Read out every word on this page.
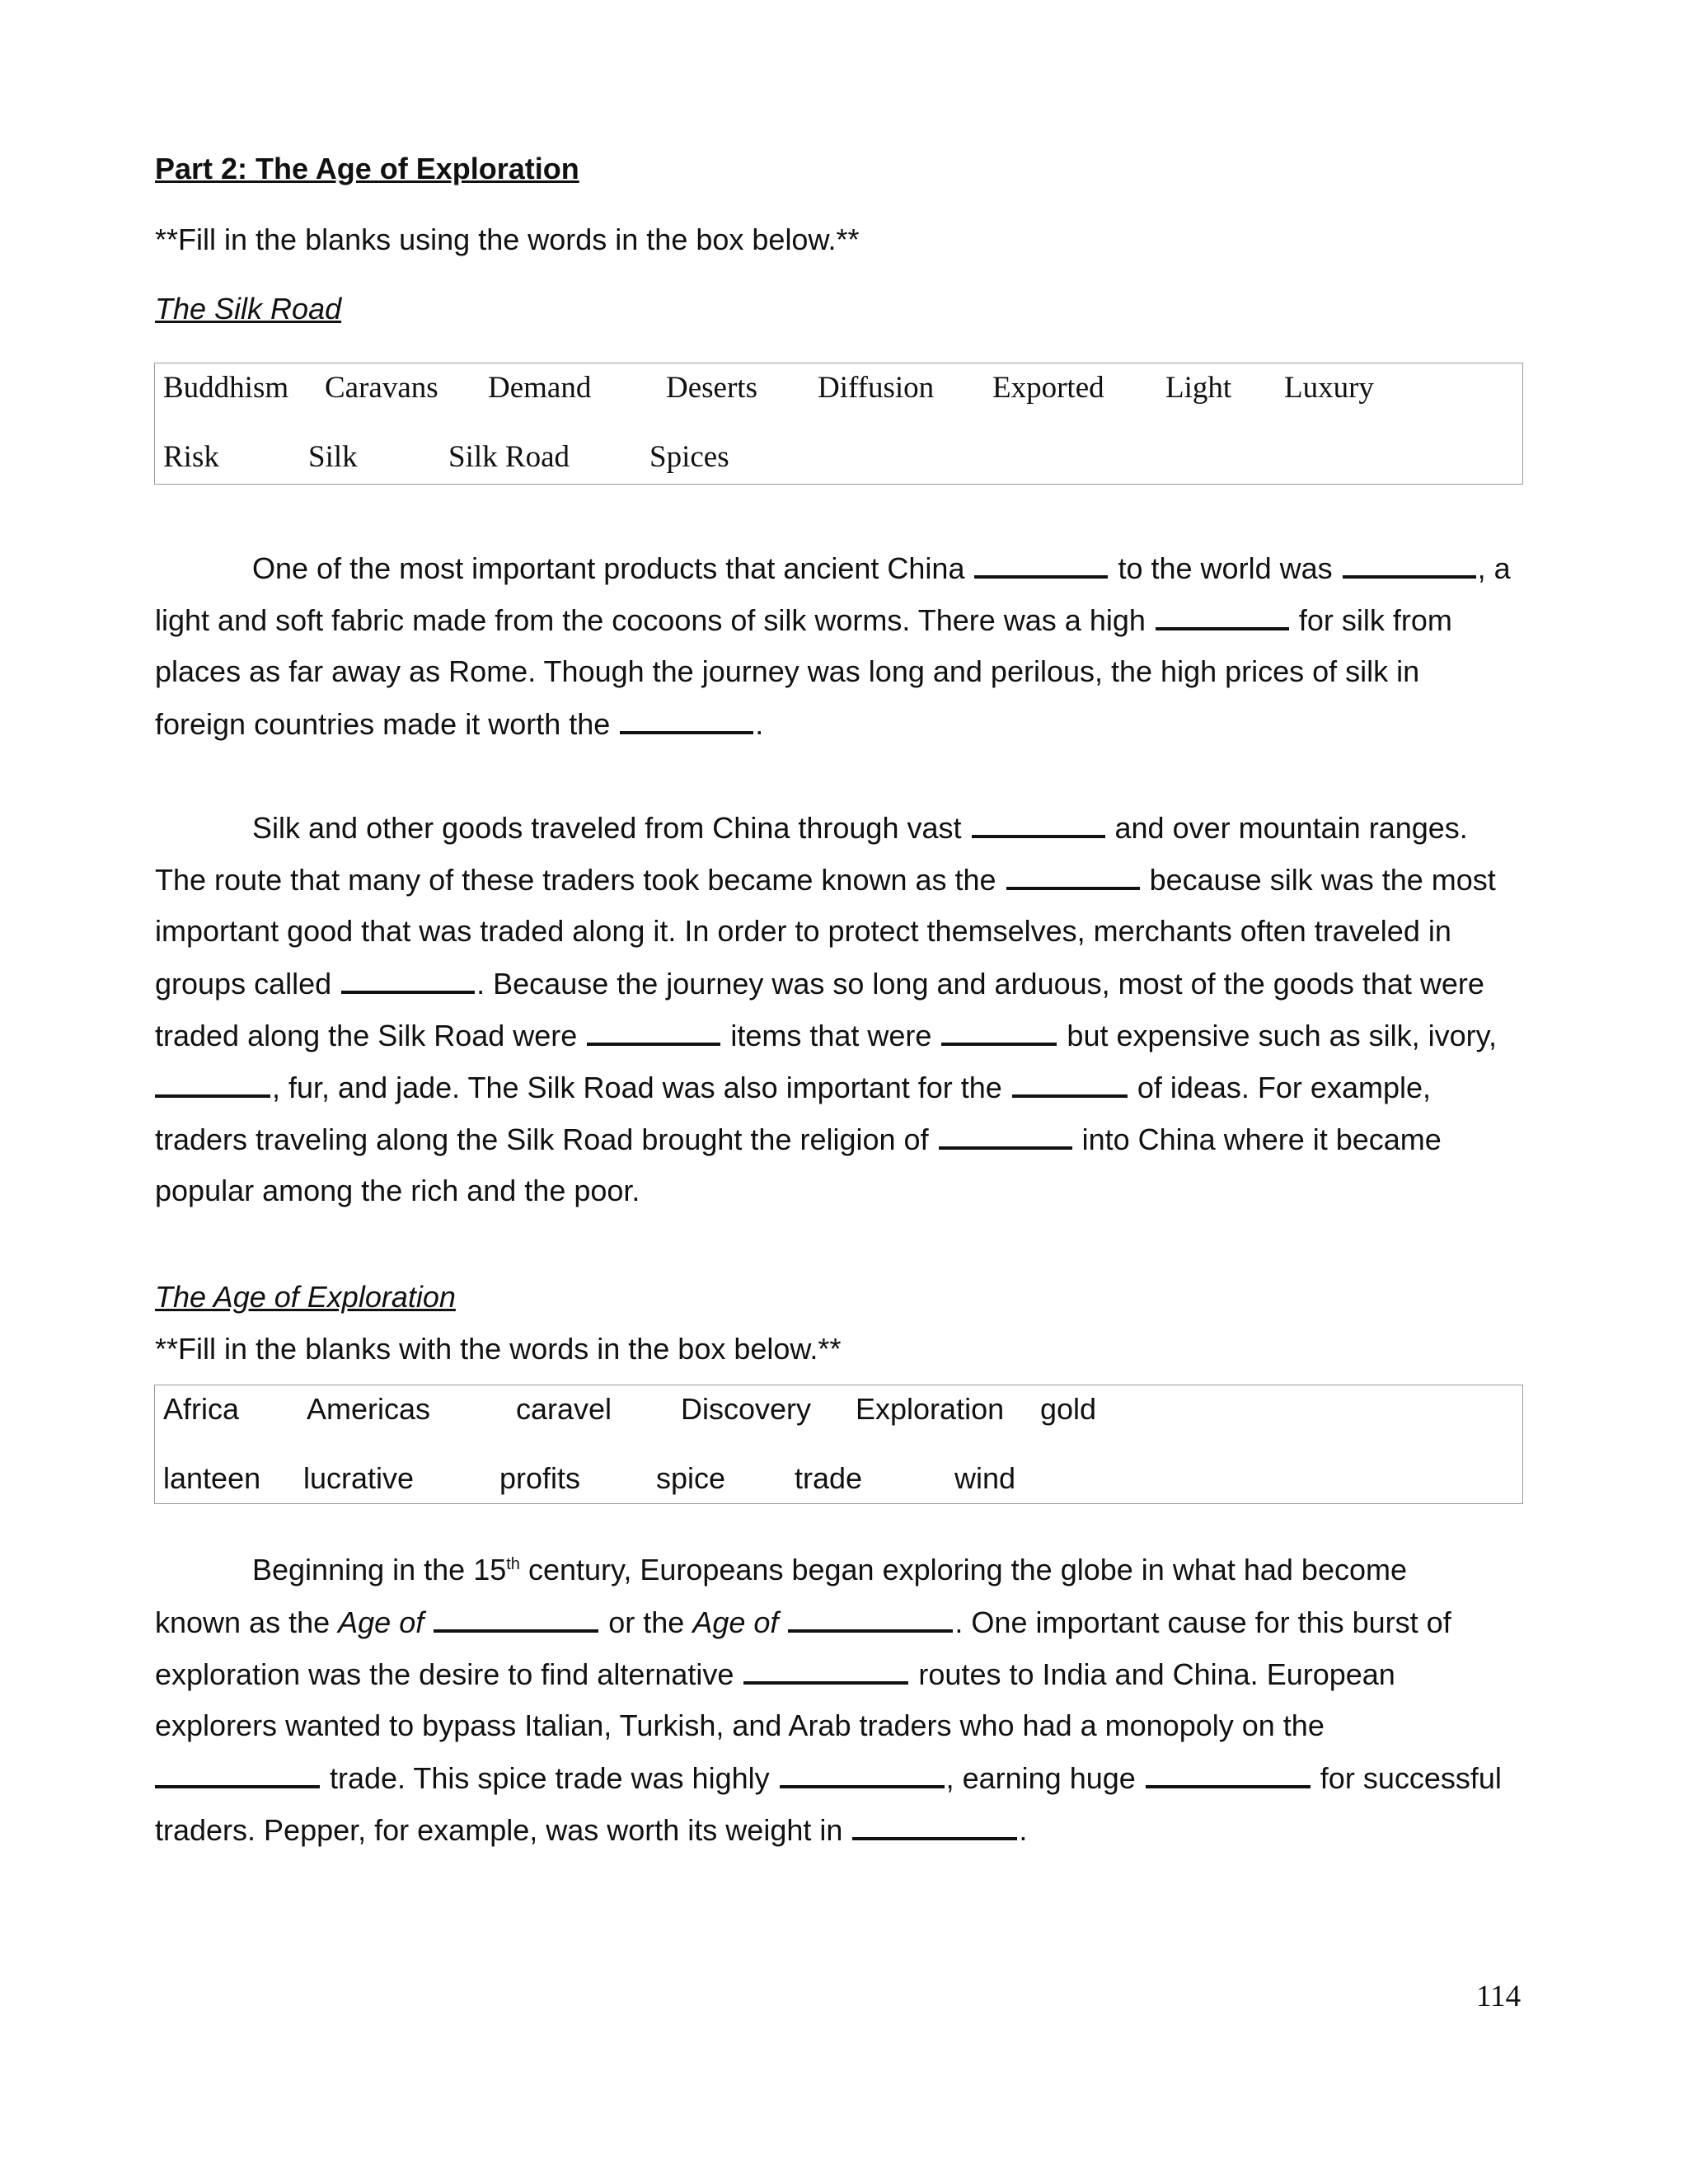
Part 2: The Age of Exploration
**Fill in the blanks using the words in the box below.**
The Silk Road
Buddhism Caravans Demand Deserts Diffusion Exported Light Luxury
Risk	Silk	Silk Road	Spices
One of the most important products that ancient China	to the world was	, a
light and soft fabric made from the cocoons of silk worms. There was a high	for silk from
places as far away as Rome. Though the journey was long and perilous, the high prices of silk in
foreign countries made it worth the	.
Silk and other goods traveled from China through vast	and over mountain ranges.
The route that many of these traders took became known as the	because silk was the most
important good that was traded along it. In order to protect themselves, merchants often traveled in
groups called	. Because the journey was so long and arduous, most of the goods that were
traded along the Silk Road were	items that were	but expensive such as silk, ivory,
, fur, and jade. The Silk Road was also important for the	of ideas. For example,
traders traveling along the Silk Road brought the religion of	into China where it became
popular among the rich and the poor.
The Age of Exploration
**Fill in the blanks with the words in the box below.**
Africa Americas	caravel Discovery Exploration gold
lanteen lucrative	profits	spice trade	wind
Beginning in the 15th century, Europeans began exploring the globe in what had become
known as the Age of	or the Age of	. One important cause for this burst of
exploration was the desire to find alternative	routes to India and China. European
explorers wanted to bypass Italian, Turkish, and Arab traders who had a monopoly on the
trade. This spice trade was highly	, earning huge	for successful
traders. Pepper, for example, was worth its weight in	.
114
